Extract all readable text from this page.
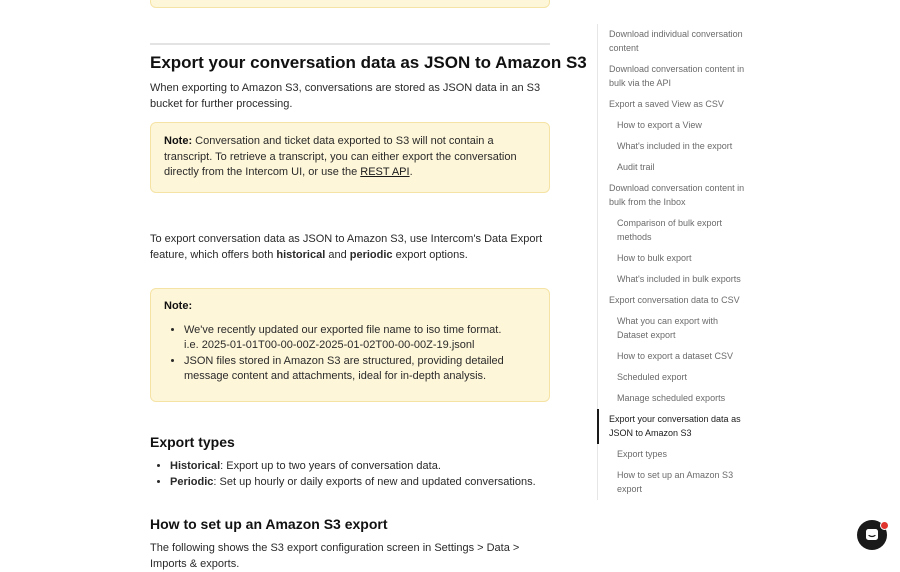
Export your conversation data as JSON to Amazon S3

When exporting to Amazon S3, conversations are stored as JSON data in an S3 bucket for further processing.

Note: Conversation and ticket data exported to S3 will not contain a transcript. To retrieve a transcript, you can either export the conversation directly from the Intercom UI, or use the REST API.

To export conversation data as JSON to Amazon S3, use Intercom's Data Export feature, which offers both historical and periodic export options.

Note:
• We've recently updated our exported file name to iso time format.
i.e. 2025-01-01T00-00-00Z-2025-01-02T00-00-00Z-19.jsonl
• JSON files stored in Amazon S3 are structured, providing detailed message content and attachments, ideal for in-depth analysis.
Export types
• Historical: Export up to two years of conversation data.
• Periodic: Set up hourly or daily exports of new and updated conversations.
How to set up an Amazon S3 export

The following shows the S3 export configuration screen in Settings > Data > Imports & exports.

Download individual conversation content
Download conversation content in bulk via the API
Export a saved View as CSV
How to export a View
What's included in the export
Audit trail
Download conversation content in bulk from the Inbox
Comparison of bulk export methods
How to bulk export
What's included in bulk exports
Export conversation data to CSV
What you can export with Dataset export
How to export a dataset CSV
Scheduled export
Manage scheduled exports
Export your conversation data as JSON to Amazon S3
Export types
How to set up an Amazon S3 export
